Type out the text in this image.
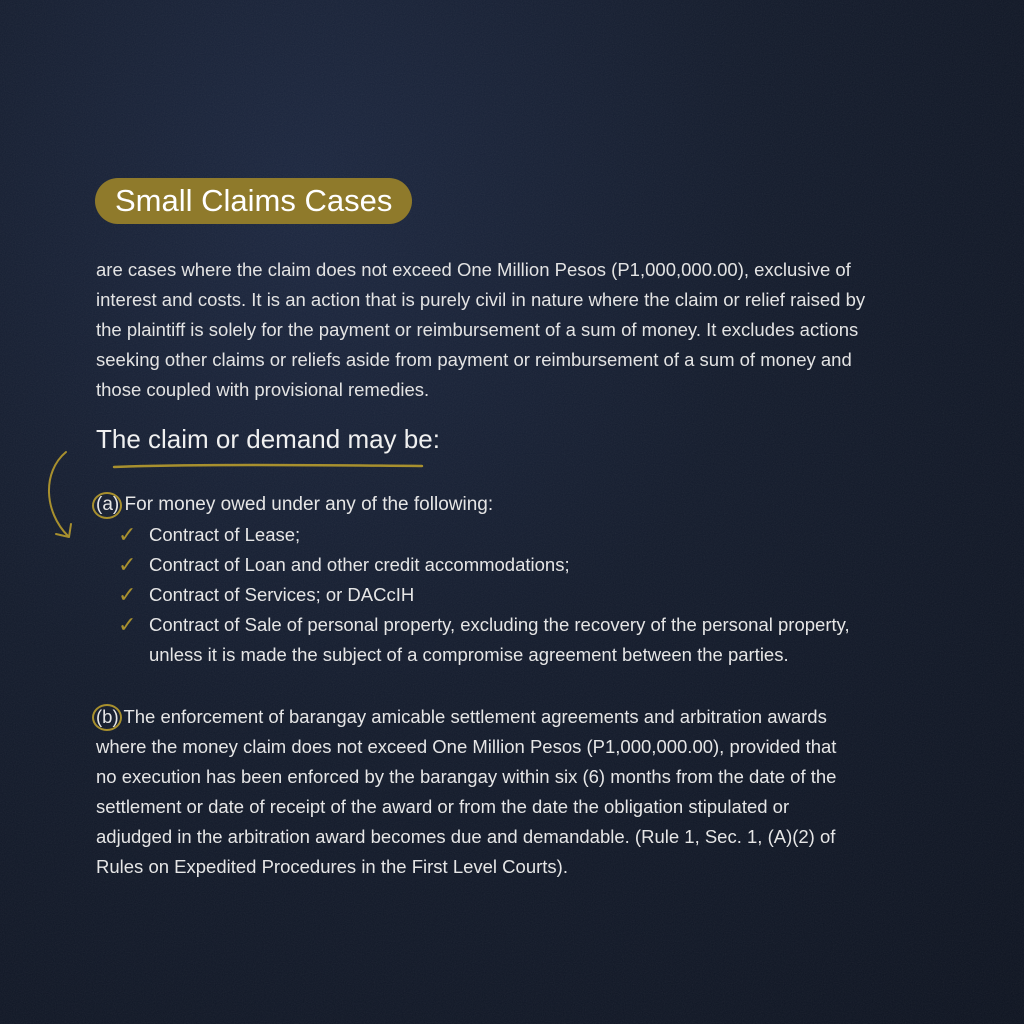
Small Claims Cases
are cases where the claim does not exceed One Million Pesos (P1,000,000.00), exclusive of
interest and costs. It is an action that is purely civil in nature where the claim or relief raised by
the plaintiff is solely for the payment or reimbursement of a sum of money. It excludes actions
seeking other claims or reliefs aside from payment or reimbursement of a sum of money and
those coupled with provisional remedies.
The claim or demand may be:
(a) For money owed under any of the following:
✓ Contract of Lease;
✓ Contract of Loan and other credit accommodations;
✓ Contract of Services; or DACcIH
✓ Contract of Sale of personal property, excluding the recovery of the personal property,
unless it is made the subject of a compromise agreement between the parties.
(b) The enforcement of barangay amicable settlement agreements and arbitration awards
where the money claim does not exceed One Million Pesos (P1,000,000.00), provided that
no execution has been enforced by the barangay within six (6) months from the date of the
settlement or date of receipt of the award or from the date the obligation stipulated or
adjudged in the arbitration award becomes due and demandable. (Rule 1, Sec. 1, (A)(2) of
Rules on Expedited Procedures in the First Level Courts).
